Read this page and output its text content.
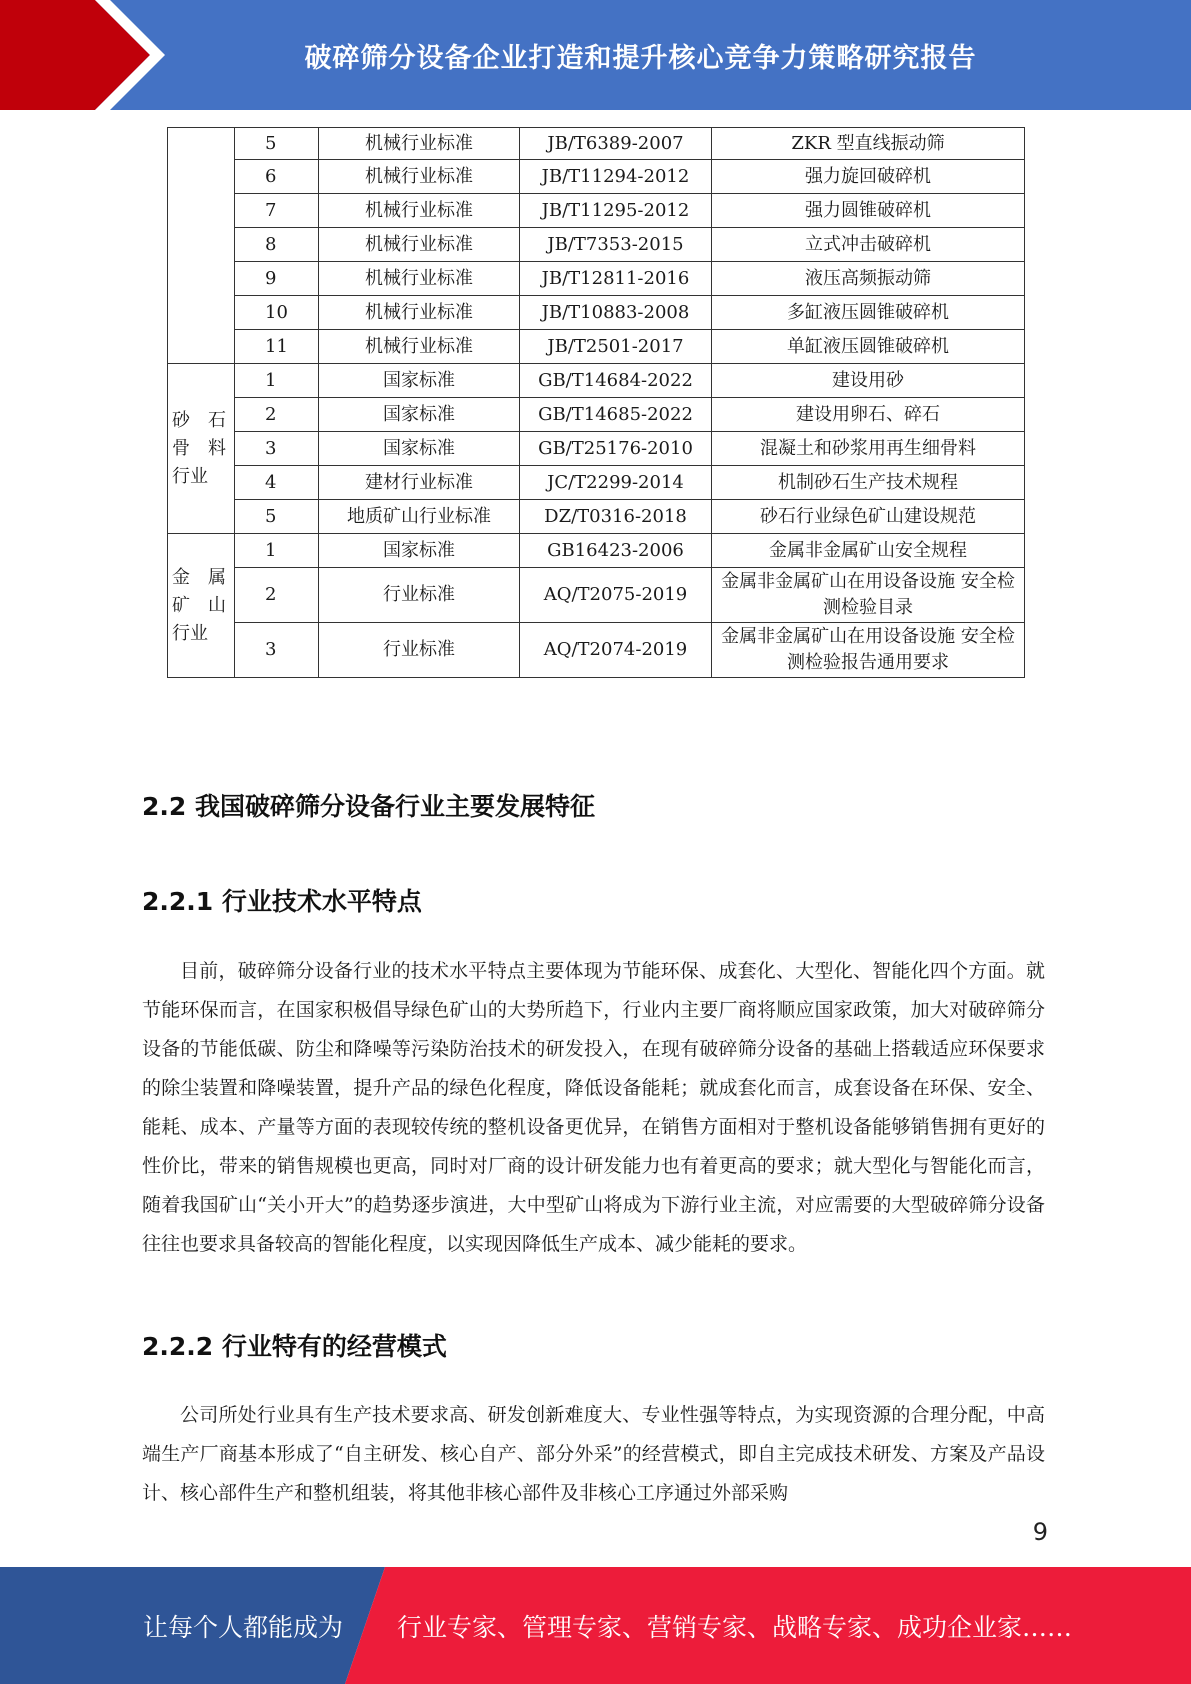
破碎筛分设备企业打造和提升核心竞争力策略研究报告
	5	机械行业标准	JB/T6389-2007	ZKR 型直线振动筛
	6	机械行业标准	JB/T11294-2012	强力旋回破碎机
	7	机械行业标准	JB/T11295-2012	强力圆锥破碎机
	8	机械行业标准	JB/T7353-2015	立式冲击破碎机
	9	机械行业标准	JB/T12811-2016	液压高频振动筛
	10	机械行业标准	JB/T10883-2008	多缸液压圆锥破碎机
	11	机械行业标准	JB/T2501-2017	单缸液压圆锥破碎机

砂　石
骨　料
行业	1	国家标准	GB/T14684-2022	建设用砂
	2	国家标准	GB/T14685-2022	建设用卵石、碎石
	3	国家标准	GB/T25176-2010	混凝土和砂浆用再生细骨料
	4	建材行业标准	JC/T2299-2014	机制砂石生产技术规程
	5	地质矿山行业标准	DZ/T0316-2018	砂石行业绿色矿山建设规范

金　属
矿　山
行业	1	国家标准	GB16423-2006	金属非金属矿山安全规程
	2	行业标准	AQ/T2075-2019	金属非金属矿山在用设备设施 安全检测检验目录
	3	行业标准	AQ/T2074-2019	金属非金属矿山在用设备设施 安全检测检验报告通用要求
2.2 我国破碎筛分设备行业主要发展特征
2.2.1 行业技术水平特点

目前，破碎筛分设备行业的技术水平特点主要体现为节能环保、成套化、大型化、智能化四个方面。就节能环保而言，在国家积极倡导绿色矿山的大势所趋下，行业内主要厂商将顺应国家政策，加大对破碎筛分设备的节能低碳、防尘和降噪等污染防治技术的研发投入，在现有破碎筛分设备的基础上搭载适应环保要求的除尘装置和降噪装置，提升产品的绿色化程度，降低设备能耗；就成套化而言，成套设备在环保、安全、能耗、成本、产量等方面的表现较传统的整机设备更优异，在销售方面相对于整机设备能够销售拥有更好的性价比，带来的销售规模也更高，同时对厂商的设计研发能力也有着更高的要求；就大型化与智能化而言，随着我国矿山“关小开大”的趋势逐步演进，大中型矿山将成为下游行业主流，对应需要的大型破碎筛分设备往往也要求具备较高的智能化程度，以实现因降低生产成本、减少能耗的要求。

2.2.2 行业特有的经营模式

公司所处行业具有生产技术要求高、研发创新难度大、专业性强等特点，为实现资源的合理分配，中高端生产厂商基本形成了“自主研发、核心自产、部分外采”的经营模式，即自主完成技术研发、方案及产品设计、核心部件生产和整机组装，将其他非核心部件及非核心工序通过外部采购

9
让每个人都能成为 行业专家、管理专家、营销专家、战略专家、成功企业家……
